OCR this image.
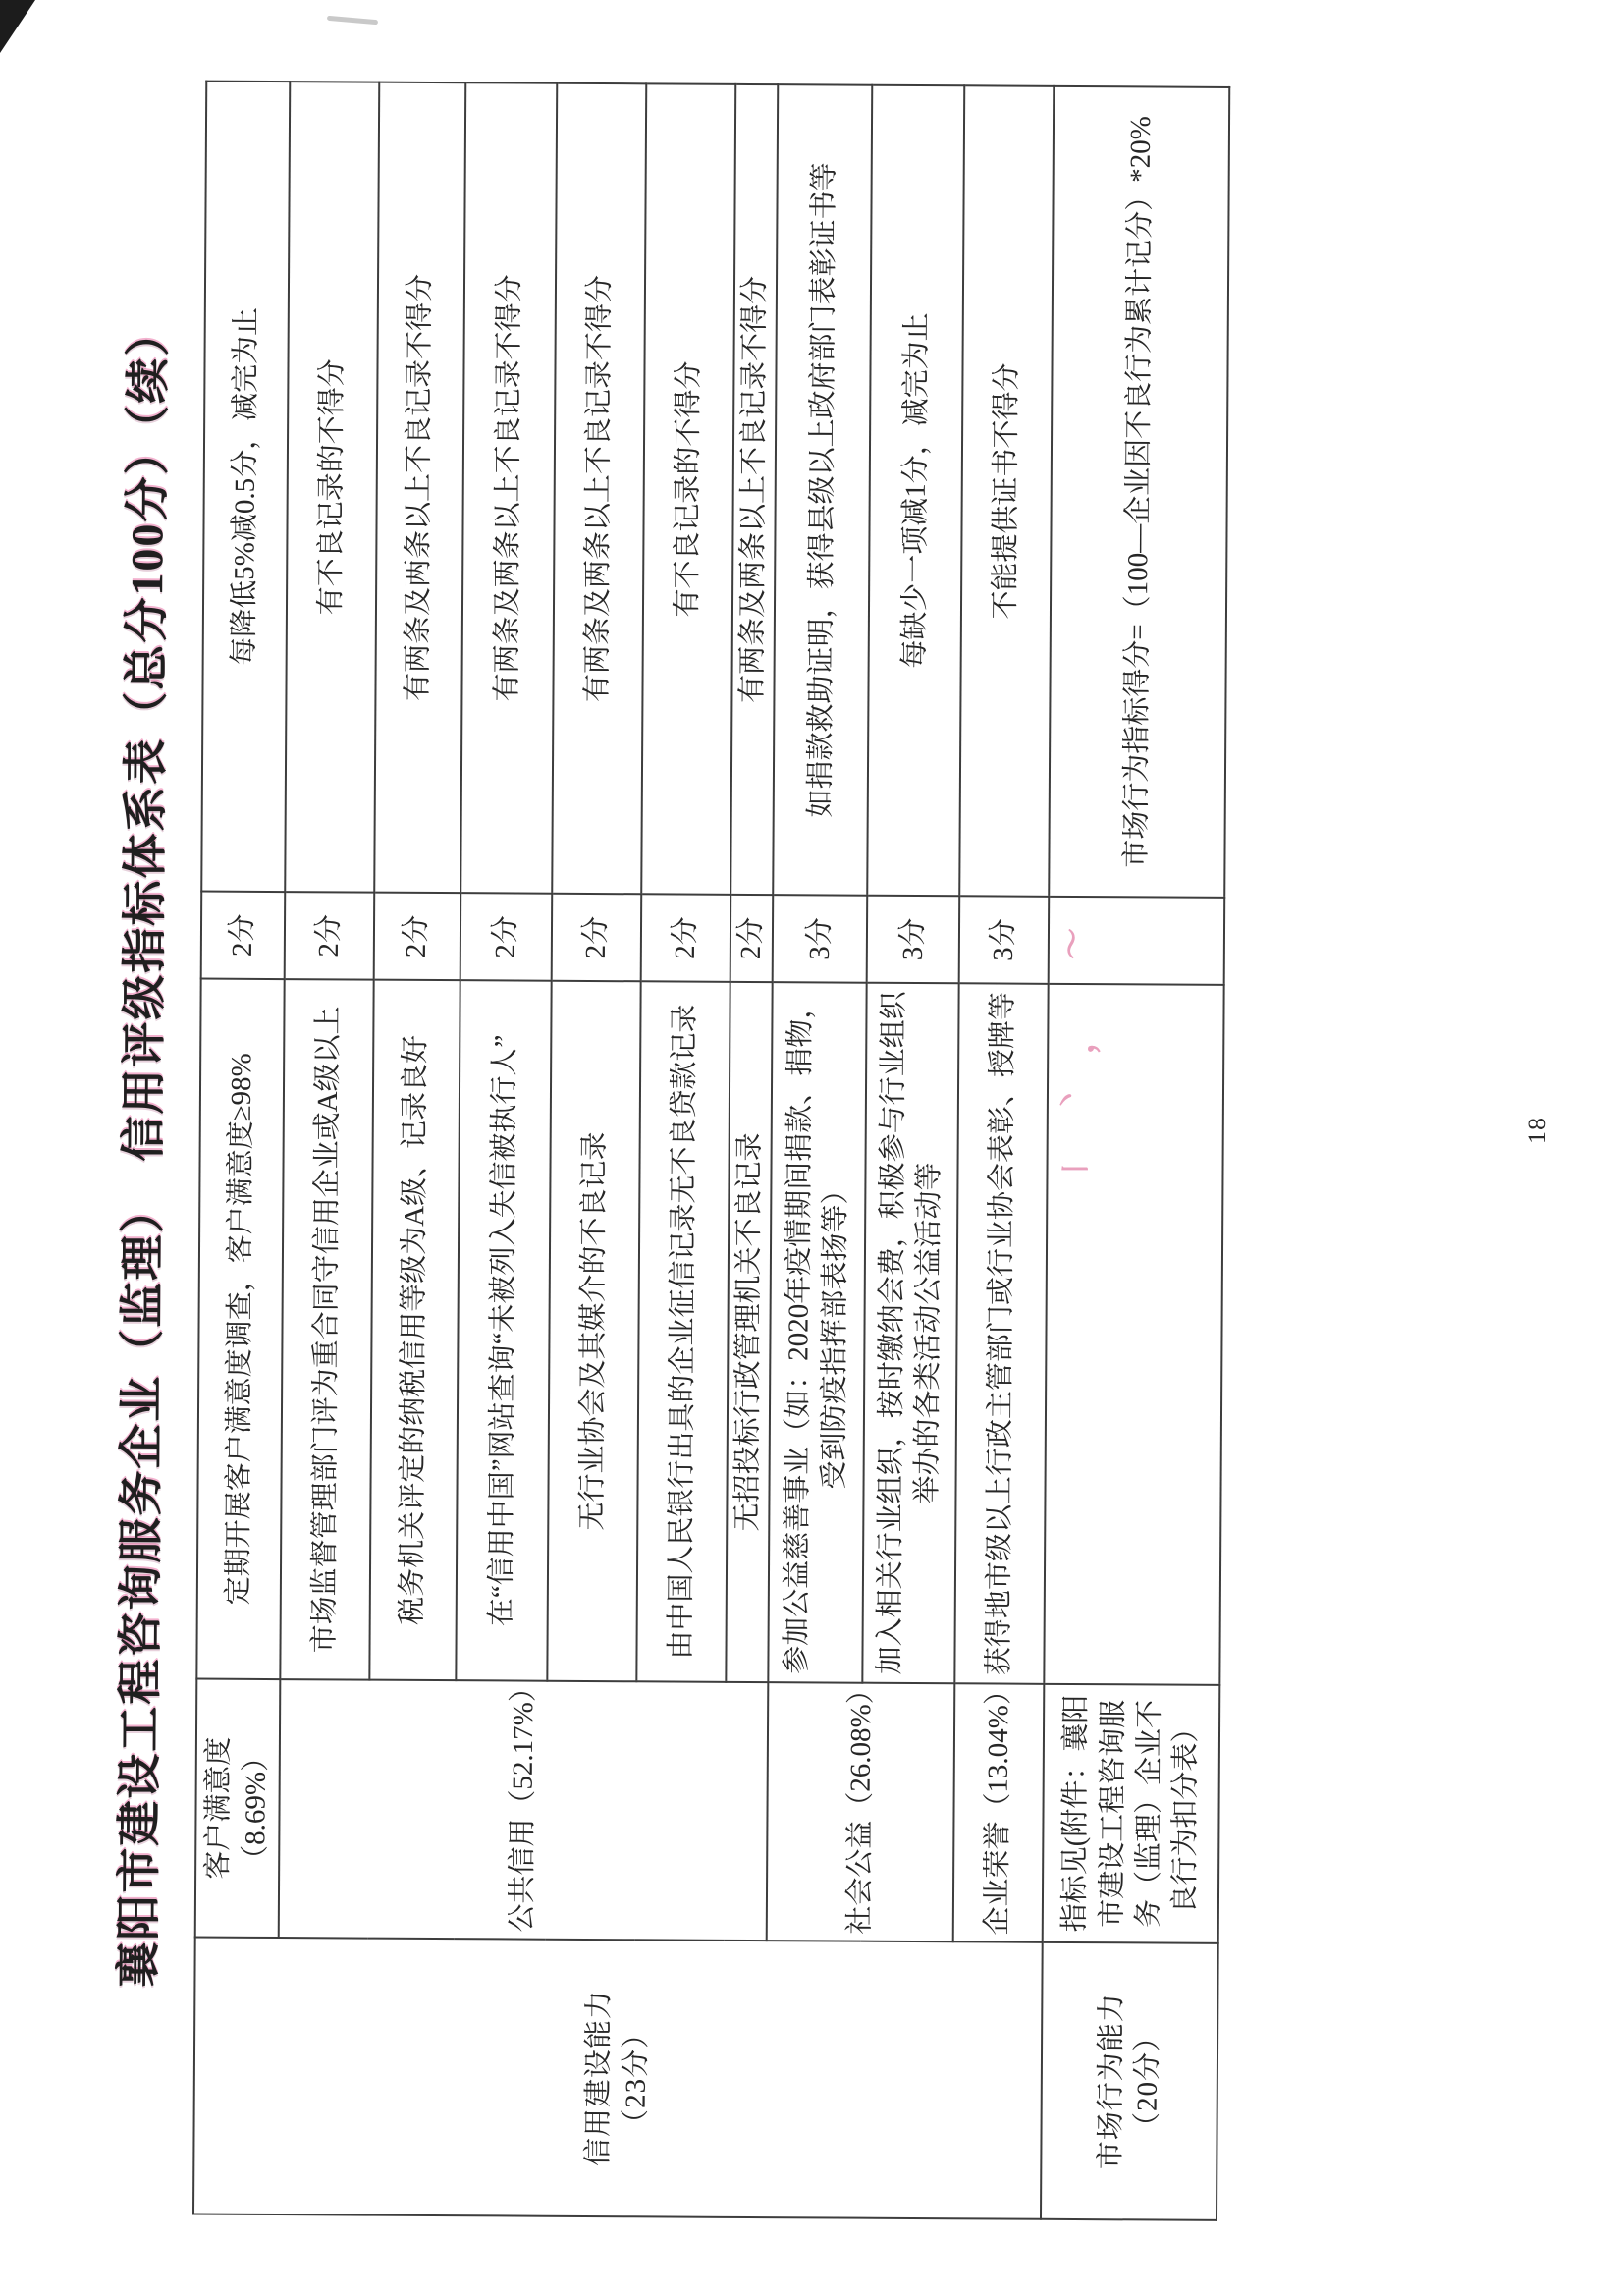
襄阳市建设工程咨询服务企业（监理）　信用评级指标体系表（总分100分）（续）
信用建设能力
（23分）	客户满意度（8.69%）	定期开展客户满意度调查，客户满意度≥98%	2分	每降低5%减0.5分，减完为止
	公共信用（52.17%）	市场监督管理部门评为重合同守信用企业或A级以上	2分	有不良记录的不得分
		税务机关评定的纳税信用等级为A级、记录良好	2分	有两条及两条以上不良记录不得分
		在“信用中国”网站查询“未被列入失信被执行人”	2分	有两条及两条以上不良记录不得分
		无行业协会及其媒介的不良记录	2分	有两条及两条以上不良记录不得分
		由中国人民银行出具的企业征信记录无不良贷款记录	2分	有不良记录的不得分
		无招投标行政管理机关不良记录	2分	有两条及两条以上不良记录不得分
	社会公益（26.08%）	参加公益慈善事业（如：2020年疫情期间捐款、捐物，受到防疫指挥部表扬等）	3分	如捐款救助证明，获得县级以上政府部门表彰证书等
		加入相关行业组织，按时缴纳会费，积极参与行业组织举办的各类活动公益活动等	3分	每缺少一项减1分，减完为止
	企业荣誉（13.04%）	获得地市级以上行政主管部门或行业协会表彰、授牌等	3分	不能提供证书不得分
市场行为能力
（20分）	指标见(附件：襄阳市建设工程咨询服务（监理）企业不良行为扣分表）			市场行为指标得分=（100—企业因不良行为累计记分）*20%
18
〜
，
丶
〡
